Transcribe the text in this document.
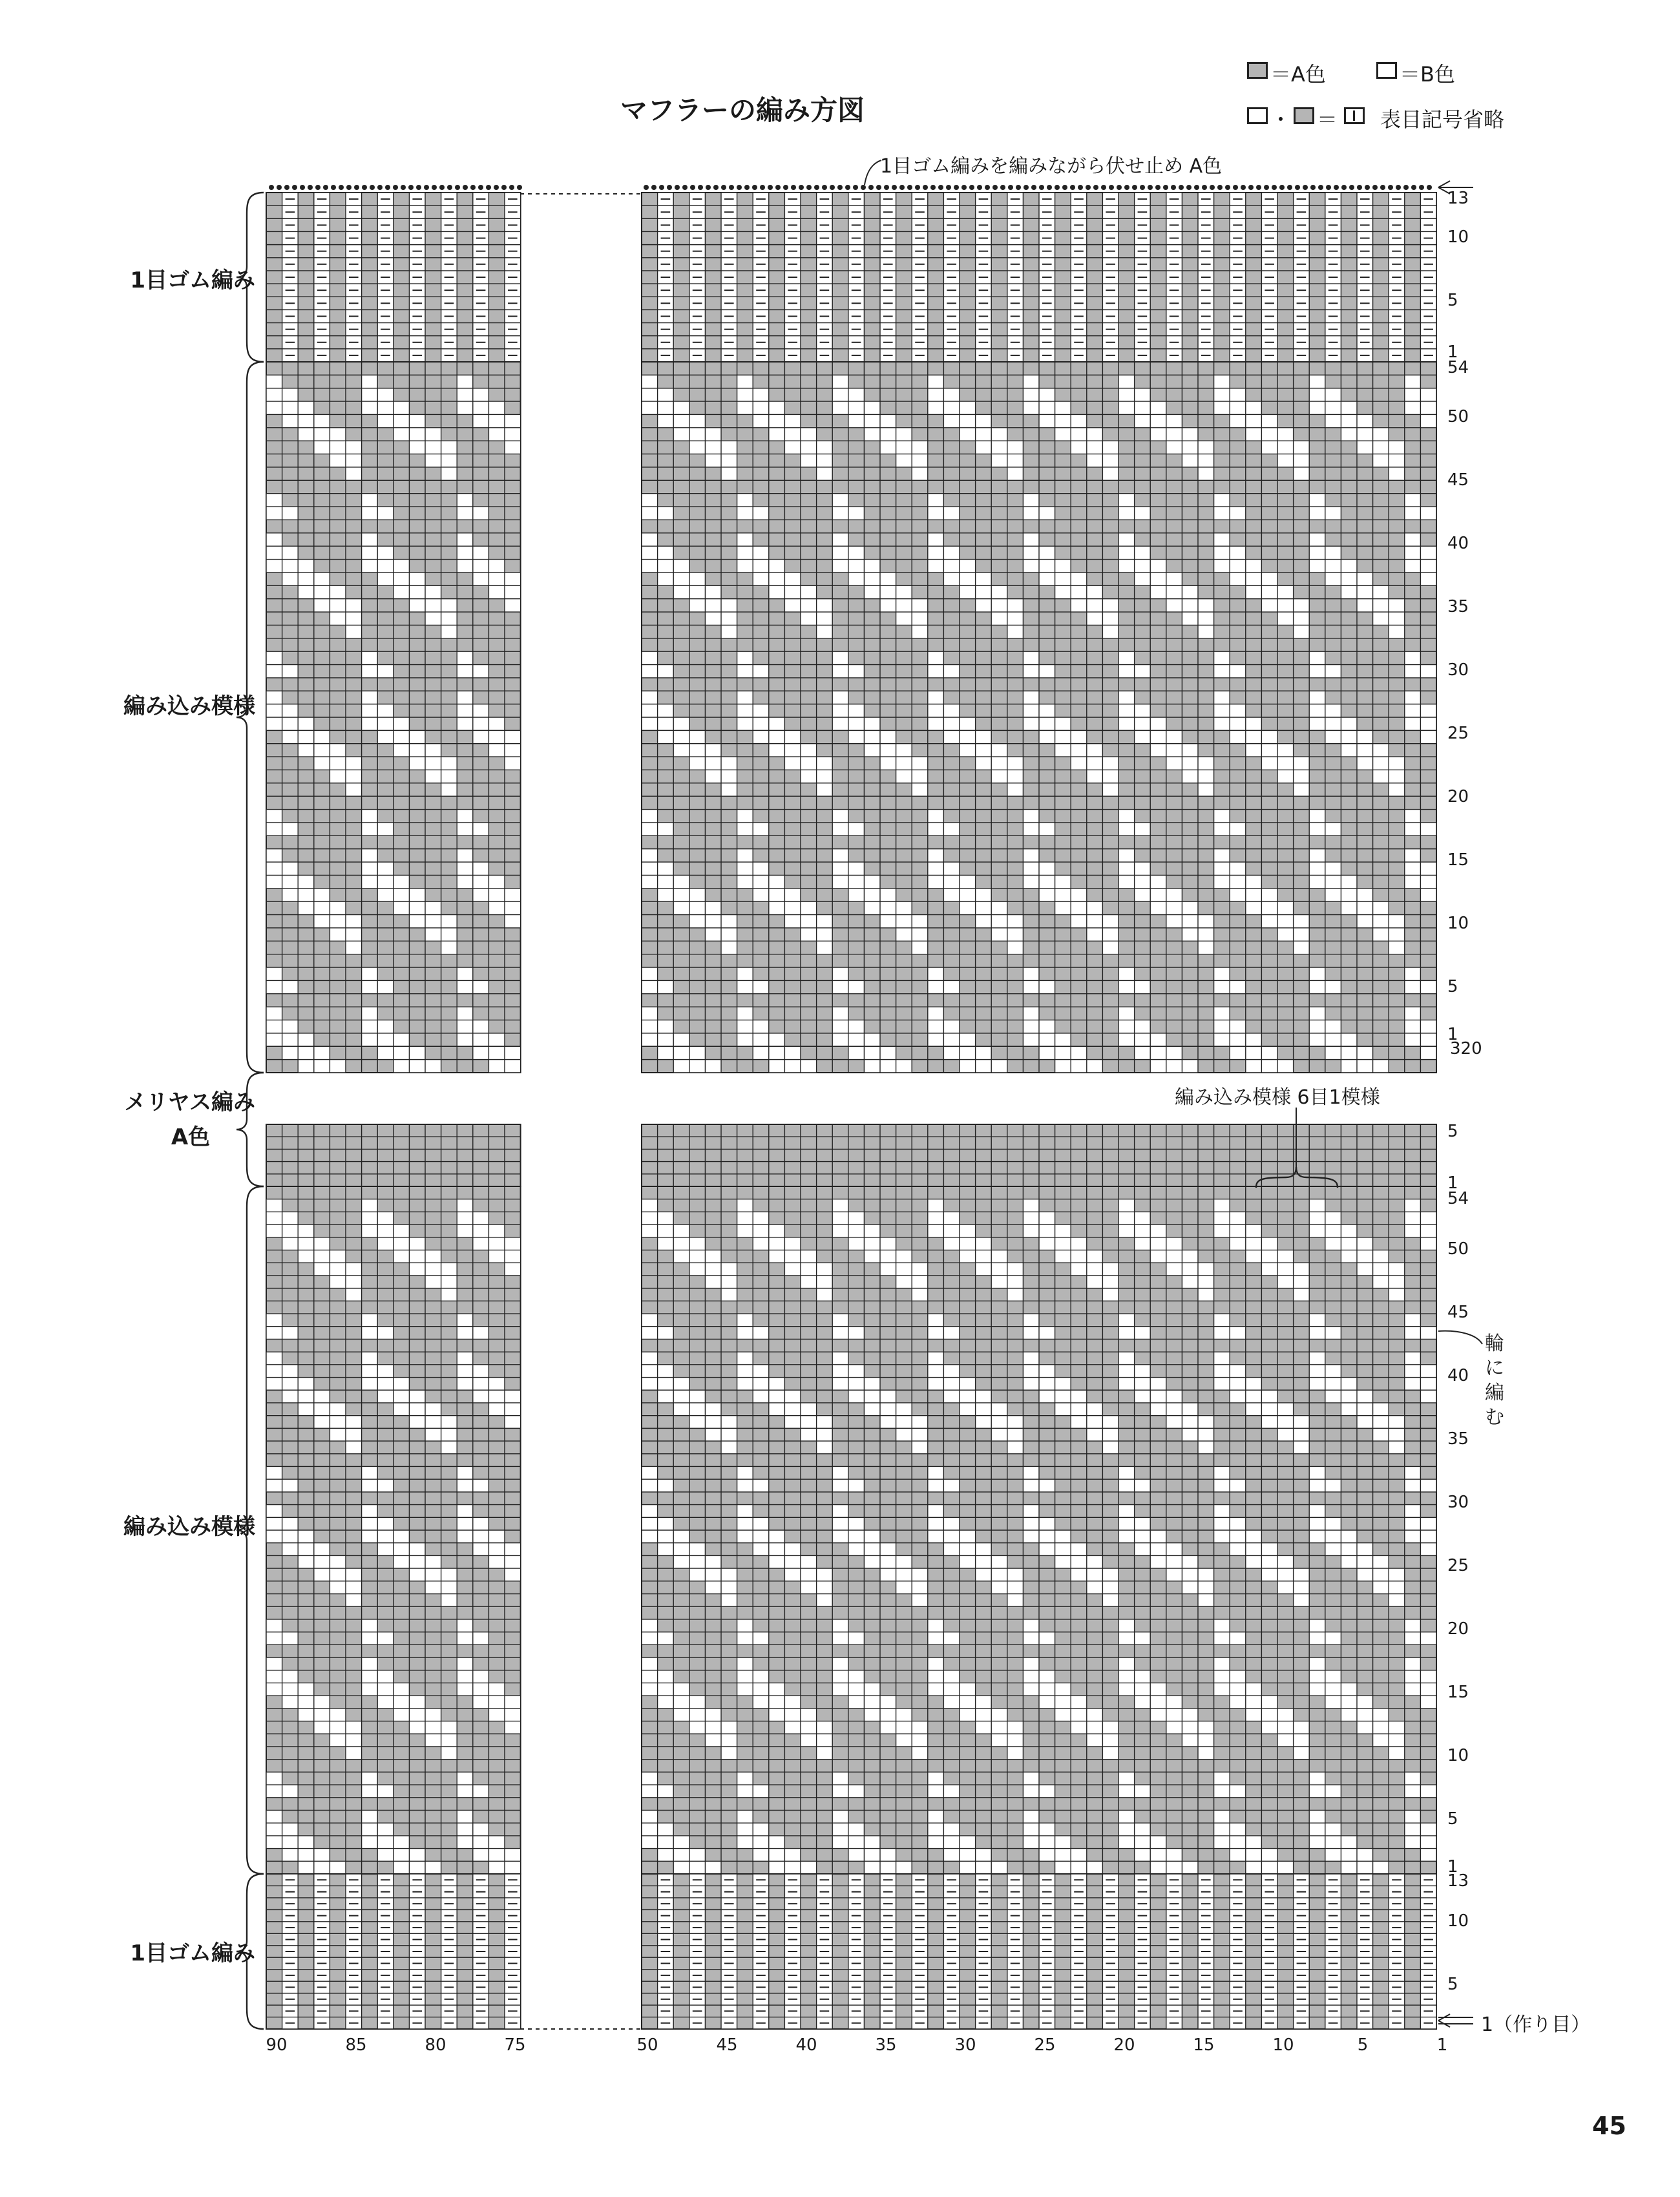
マフラーの編み方図
＝A色	＝B色
・ ＝ 表目記号省略
1目ゴム編みを編みながら伏せ止め A色
1目ゴム編み
編み込み模様
メリヤス編み
A色
編み込み模様
1目ゴム編み
編み込み模様 6目1模様
輪
に
編
む
1（作り目）
320
13
10
5
1
54
50
45
40
35
30
25
20
15
10
5
1
5
1
54
50
45
40
35
30
25
20
15
10
5
1
13
10
5
90	85	80	75	50	45	40	35	30	25	20	15	10	5	1
45
